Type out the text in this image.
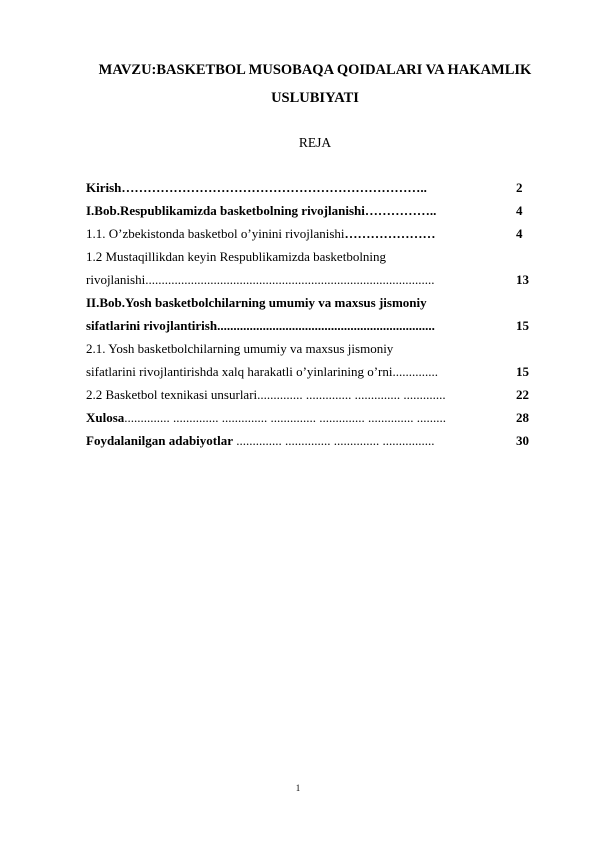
MAVZU:BASKETBOL MUSOBAQA QOIDALARI VA HAKAMLIK
USLUBIYATI
REJA
Kirish……………………………………………………………..	2
I.Bob.Respublikamizda basketbolning rivojlanishi……………..	4
1.1. O’zbekistonda basketbol o’yinini rivojlanishi…………………	4
1.2 Mustaqillikdan keyin Respublikamizda basketbolning
rivojlanishi.........................................................................................	13
II.Bob.Yosh basketbolchilarning umumiy va maxsus jismoniy
sifatlarini rivojlantirish...................................................................	15
2.1. Yosh basketbolchilarning umumiy va maxsus jismoniy
sifatlarini rivojlantirishda xalq harakatli o’yinlarining o’rni..............	15
2.2 Basketbol texnikasi unsurlari.............. .............. .............. .............	22
Xulosa.............. .............. .............. .............. .............. .............. .........	28
Foydalanilgan adabiyotlar .............. .............. .............. ................	30
1
